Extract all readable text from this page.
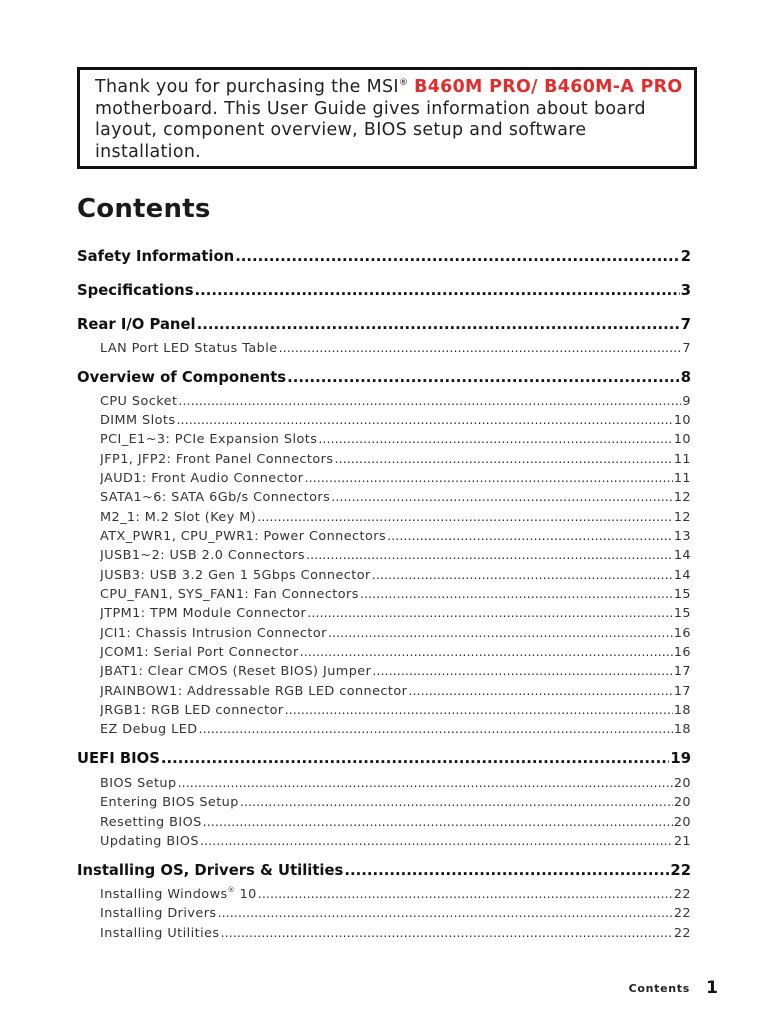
Thank you for purchasing the MSI® B460M PRO/ B460M-A PRO motherboard. This User Guide gives information about board layout, component overview, BIOS setup and software installation.
Contents
Safety Information .....	2
Specifications .....	3
Rear I/O Panel .....	7
LAN Port LED Status Table .....	7
Overview of Components .....	8
CPU Socket .....	9
DIMM Slots .....	10
PCI_E1~3: PCIe Expansion Slots .....	10
JFP1, JFP2: Front Panel Connectors .....	11
JAUD1: Front Audio Connector .....	11
SATA1~6: SATA 6Gb/s Connectors .....	12
M2_1: M.2 Slot (Key M) .....	12
ATX_PWR1, CPU_PWR1: Power Connectors .....	13
JUSB1~2: USB 2.0 Connectors .....	14
JUSB3: USB 3.2 Gen 1 5Gbps Connector .....	14
CPU_FAN1, SYS_FAN1: Fan Connectors .....	15
JTPM1: TPM Module Connector .....	15
JCI1: Chassis Intrusion Connector .....	16
JCOM1: Serial Port Connector .....	16
JBAT1: Clear CMOS (Reset BIOS) Jumper .....	17
JRAINBOW1: Addressable RGB LED connector .....	17
JRGB1: RGB LED connector .....	18
EZ Debug LED .....	18
UEFI BIOS .....	19
BIOS Setup .....	20
Entering BIOS Setup .....	20
Resetting BIOS .....	20
Updating BIOS .....	21
Installing OS, Drivers & Utilities .....	22
Installing Windows® 10 .....	22
Installing Drivers .....	22
Installing Utilities .....	22
Contents 1
